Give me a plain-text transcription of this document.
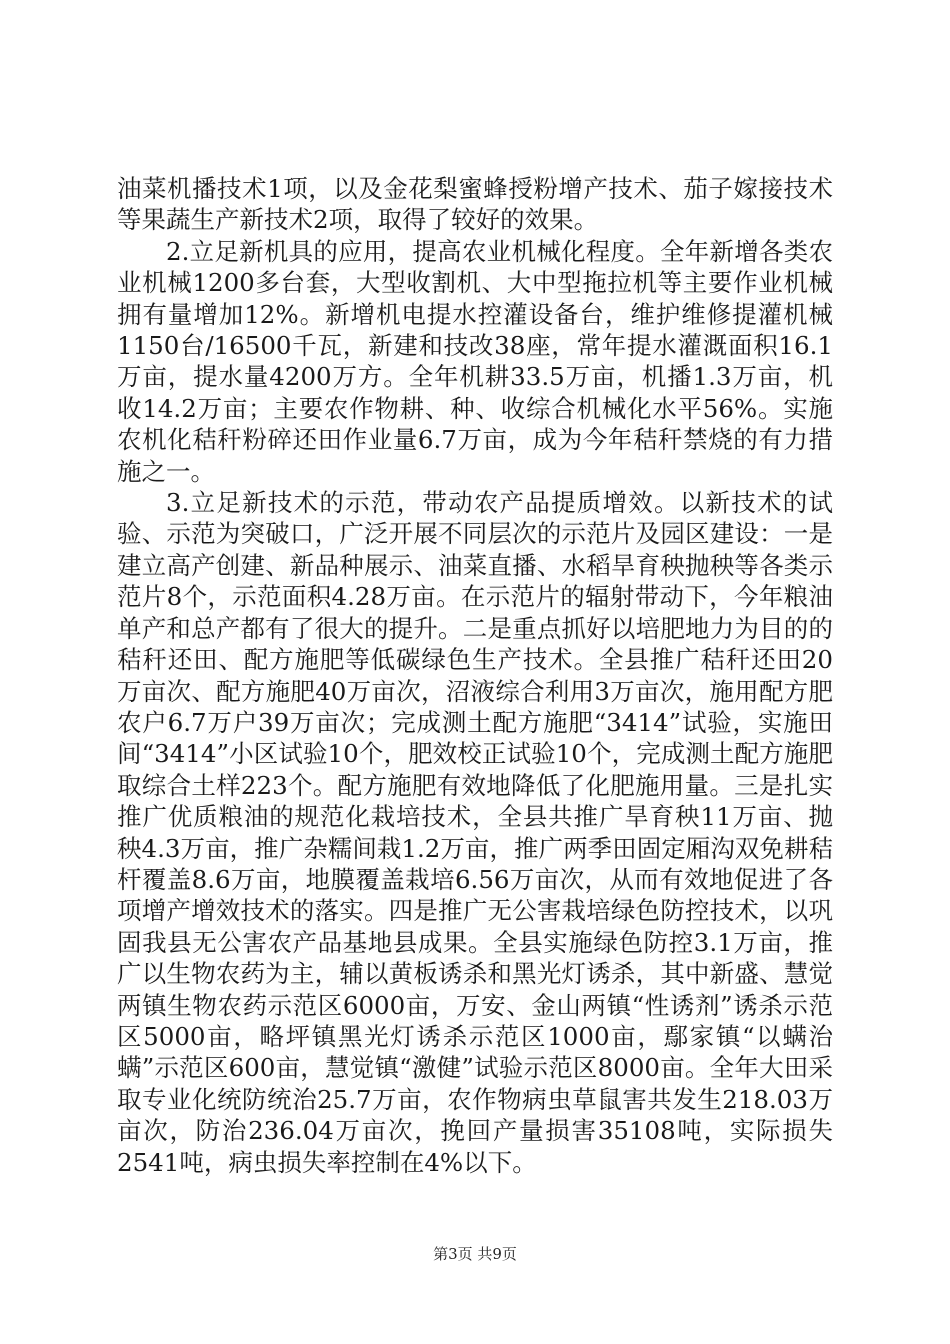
油菜机播技术1项，以及金花梨蜜蜂授粉增产技术、茄子嫁接技术等果蔬生产新技术2项，取得了较好的效果。

2.立足新机具的应用，提高农业机械化程度。全年新增各类农业机械1200多台套，大型收割机、大中型拖拉机等主要作业机械拥有量增加12%。新增机电提水控灌设备台，维护维修提灌机械1150台/16500千瓦，新建和技改38座，常年提水灌溉面积16.1万亩，提水量4200万方。全年机耕33.5万亩，机播1.3万亩，机收14.2万亩；主要农作物耕、种、收综合机械化水平56%。实施农机化秸秆粉碎还田作业量6.7万亩，成为今年秸秆禁烧的有力措施之一。

3.立足新技术的示范，带动农产品提质增效。以新技术的试验、示范为突破口，广泛开展不同层次的示范片及园区建设：一是建立高产创建、新品种展示、油菜直播、水稻旱育秧抛秧等各类示范片8个，示范面积4.28万亩。在示范片的辐射带动下，今年粮油单产和总产都有了很大的提升。二是重点抓好以培肥地力为目的的秸秆还田、配方施肥等低碳绿色生产技术。全县推广秸秆还田20万亩次、配方施肥40万亩次，沼液综合利用3万亩次，施用配方肥农户6.7万户39万亩次；完成测土配方施肥“3414”试验，实施田间“3414”小区试验10个，肥效校正试验10个，完成测土配方施肥取综合土样223个。配方施肥有效地降低了化肥施用量。三是扎实推广优质粮油的规范化栽培技术，全县共推广旱育秧11万亩、抛秧4.3万亩，推广杂糯间栽1.2万亩，推广两季田固定厢沟双免耕秸杆覆盖8.6万亩，地膜覆盖栽培6.56万亩次，从而有效地促进了各项增产增效技术的落实。四是推广无公害栽培绿色防控技术，以巩固我县无公害农产品基地县成果。全县实施绿色防控3.1万亩，推广以生物农药为主，辅以黄板诱杀和黑光灯诱杀，其中新盛、慧觉两镇生物农药示范区6000亩，万安、金山两镇“性诱剂”诱杀示范区5000亩，略坪镇黑光灯诱杀示范区1000亩，鄢家镇“以螨治螨”示范区600亩，慧觉镇“激健”试验示范区8000亩。全年大田采取专业化统防统治25.7万亩，农作物病虫草鼠害共发生218.03万亩次，防治236.04万亩次，挽回产量损害35108吨，实际损失2541吨，病虫损失率控制在4%以下。

第3页 共9页
